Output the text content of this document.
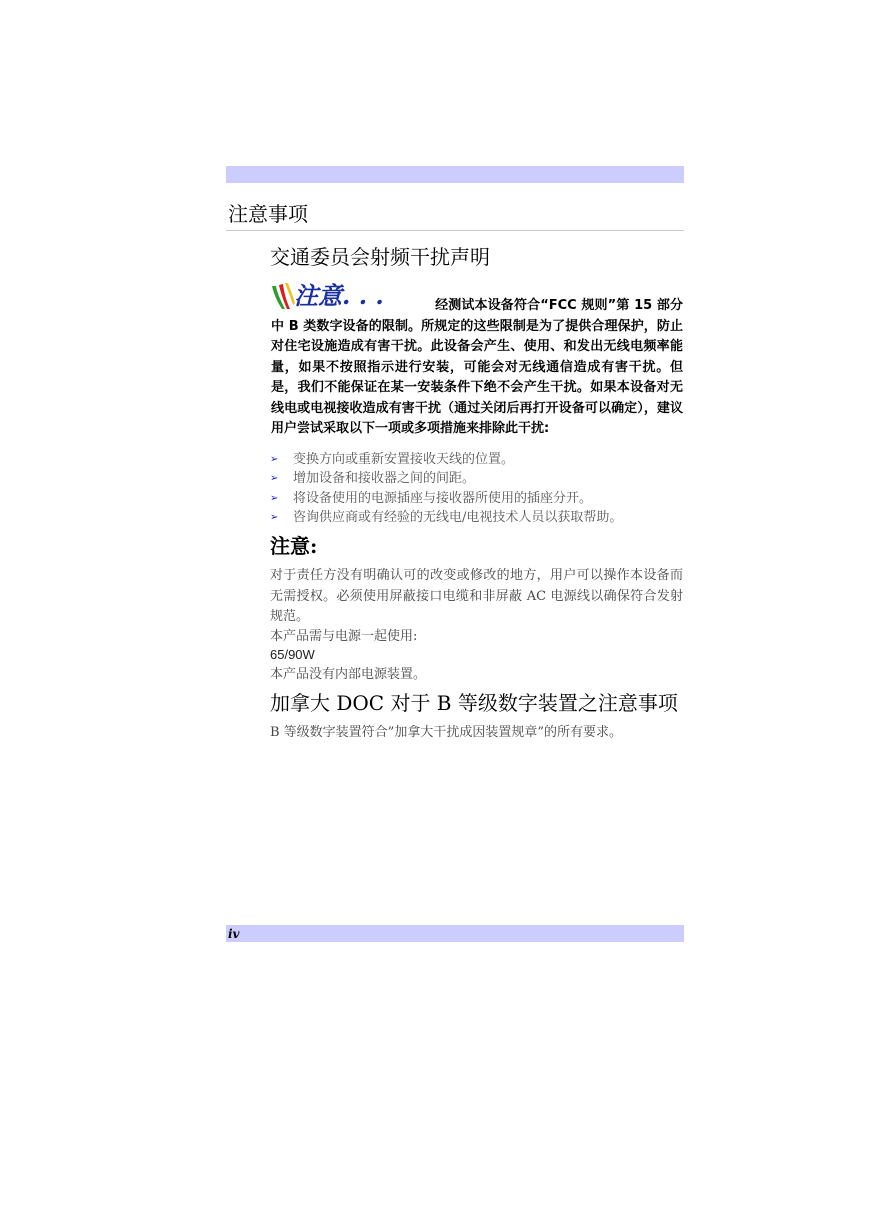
注意事项
交通委员会射频干扰声明
注意. . .	经测试本设备符合“FCC 规则”第 15 部分中 B 类数字设备的限制。所规定的这些限制是为了提供合理保护，防止对住宅设施造成有害干扰。此设备会产生、使用、和发出无线电频率能量，如果不按照指示进行安装，可能会对无线通信造成有害干扰。但是，我们不能保证在某一安装条件下绝不会产生干扰。如果本设备对无线电或电视接收造成有害干扰（通过关闭后再打开设备可以确定），建议用户尝试采取以下一项或多项措施来排除此干扰:
➢ 变换方向或重新安置接收天线的位置。
➢ 增加设备和接收器之间的间距。
➢ 将设备使用的电源插座与接收器所使用的插座分开。
➢ 咨询供应商或有经验的无线电/电视技术人员以获取帮助。
注意:
对于责任方没有明确认可的改变或修改的地方，用户可以操作本设备而无需授权。必须使用屏蔽接口电缆和非屏蔽 AC 电源线以确保符合发射规范。
本产品需与电源一起使用:
65/90W
本产品没有内部电源装置。
加拿大 DOC 对于 B 等级数字装置之注意事项
B 等级数字装置符合”加拿大干扰成因装置规章”的所有要求。
iv
